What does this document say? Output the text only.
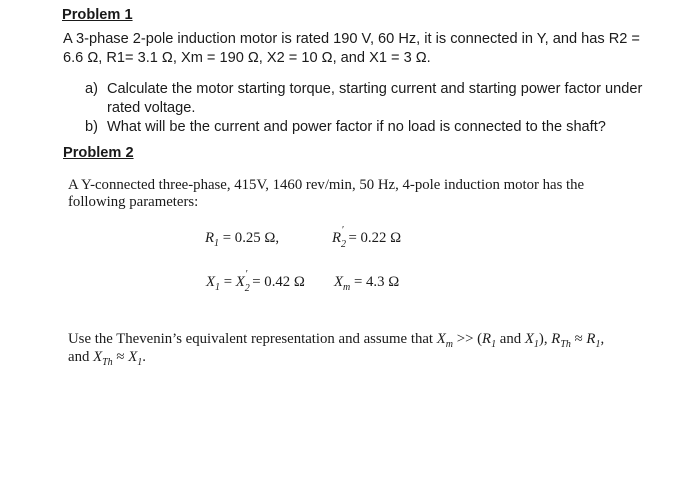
Problem 1
A 3-phase 2-pole induction motor is rated 190 V, 60 Hz, it is connected in Y, and has R2 = 6.6 Ω, R1= 3.1 Ω, Xm = 190 Ω, X2 = 10 Ω, and X1 = 3 Ω.
a) Calculate the motor starting torque, starting current and starting power factor under rated voltage.
b) What will be the current and power factor if no load is connected to the shaft?
Problem 2
A Y-connected three-phase, 415V, 1460 rev/min, 50 Hz, 4-pole induction motor has the following parameters:
$R_1 = 0.25$ Ω,	R ′
2 = 0.22 Ω
$X_1 = X$ ′
2 = 0.42 Ω $X_m = 4.3$ Ω
Use the Thevenin’s equivalent representation and assume that $X_m >> (R_1$ and $X_1$), $R_{Th} \approx R_1$,
and $X_{Th} \approx X_1$.
